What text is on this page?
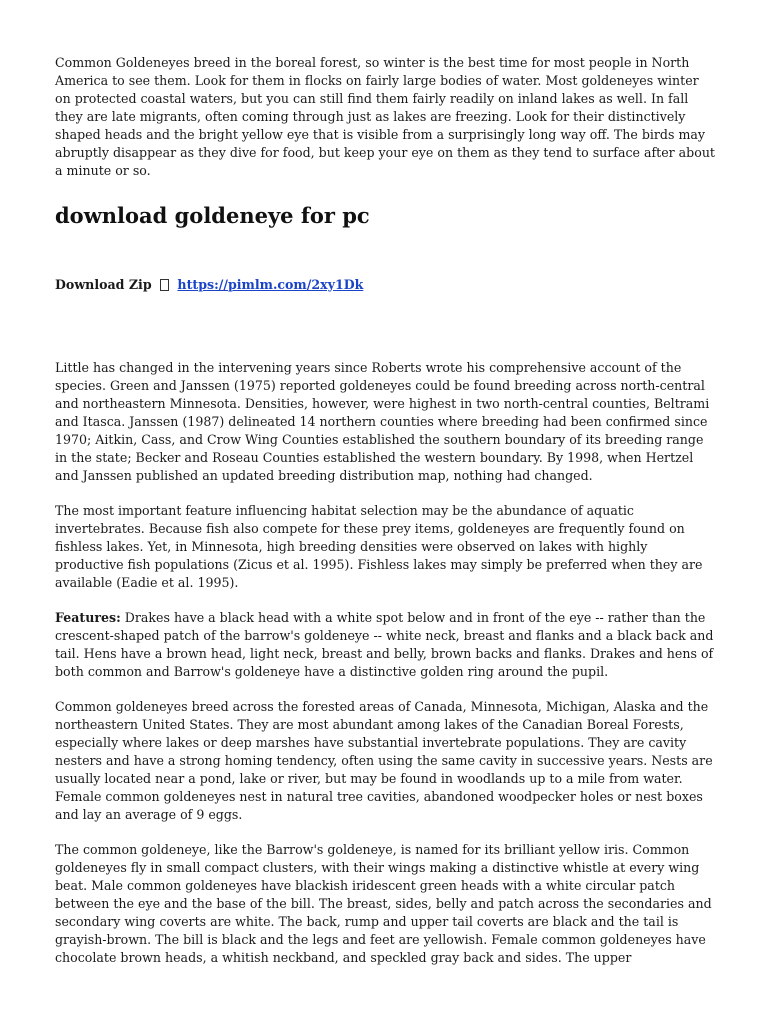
Common Goldeneyes breed in the boreal forest, so winter is the best time for most people in North America to see them. Look for them in flocks on fairly large bodies of water. Most goldeneyes winter on protected coastal waters, but you can still find them fairly readily on inland lakes as well. In fall they are late migrants, often coming through just as lakes are freezing. Look for their distinctively shaped heads and the bright yellow eye that is visible from a surprisingly long way off. The birds may abruptly disappear as they dive for food, but keep your eye on them as they tend to surface after about a minute or so.

download goldeneye for pc
Download Zip https://pimlm.com/2xy1Dk

Little has changed in the intervening years since Roberts wrote his comprehensive account of the species. Green and Janssen (1975) reported goldeneyes could be found breeding across north-central and northeastern Minnesota. Densities, however, were highest in two north-central counties, Beltrami and Itasca. Janssen (1987) delineated 14 northern counties where breeding had been confirmed since 1970; Aitkin, Cass, and Crow Wing Counties established the southern boundary of its breeding range in the state; Becker and Roseau Counties established the western boundary. By 1998, when Hertzel and Janssen published an updated breeding distribution map, nothing had changed.

The most important feature influencing habitat selection may be the abundance of aquatic invertebrates. Because fish also compete for these prey items, goldeneyes are frequently found on fishless lakes. Yet, in Minnesota, high breeding densities were observed on lakes with highly productive fish populations (Zicus et al. 1995). Fishless lakes may simply be preferred when they are available (Eadie et al. 1995).

Features: Drakes have a black head with a white spot below and in front of the eye -- rather than the crescent-shaped patch of the barrow's goldeneye -- white neck, breast and flanks and a black back and tail. Hens have a brown head, light neck, breast and belly, brown backs and flanks. Drakes and hens of both common and Barrow's goldeneye have a distinctive golden ring around the pupil.

Common goldeneyes breed across the forested areas of Canada, Minnesota, Michigan, Alaska and the northeastern United States. They are most abundant among lakes of the Canadian Boreal Forests, especially where lakes or deep marshes have substantial invertebrate populations. They are cavity nesters and have a strong homing tendency, often using the same cavity in successive years. Nests are usually located near a pond, lake or river, but may be found in woodlands up to a mile from water. Female common goldeneyes nest in natural tree cavities, abandoned woodpecker holes or nest boxes and lay an average of 9 eggs.

The common goldeneye, like the Barrow's goldeneye, is named for its brilliant yellow iris. Common goldeneyes fly in small compact clusters, with their wings making a distinctive whistle at every wing beat. Male common goldeneyes have blackish iridescent green heads with a white circular patch between the eye and the base of the bill. The breast, sides, belly and patch across the secondaries and secondary wing coverts are white. The back, rump and upper tail coverts are black and the tail is grayish-brown. The bill is black and the legs and feet are yellowish. Female common goldeneyes have chocolate brown heads, a whitish neckband, and speckled gray back and sides. The upper
